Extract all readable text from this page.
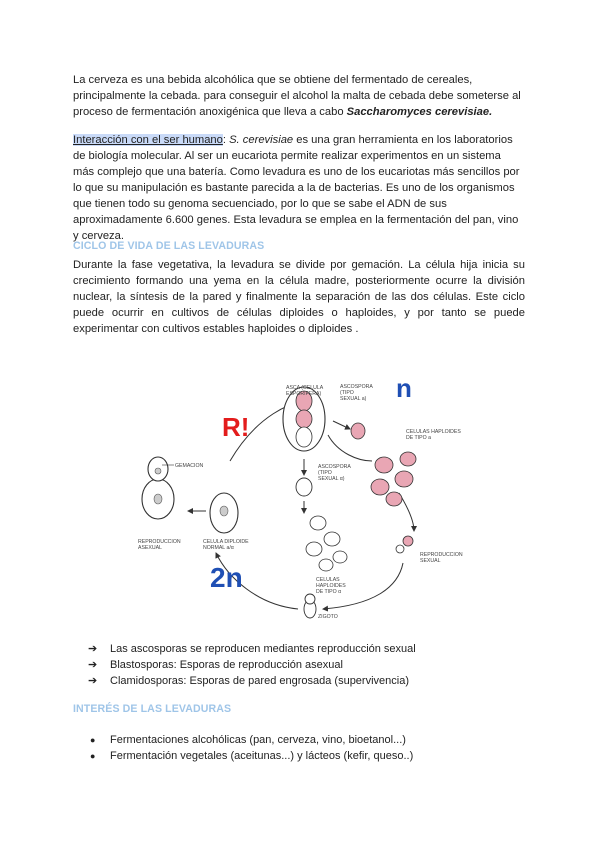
La cerveza es una bebida alcohólica que se obtiene del fermentado de cereales, principalmente la cebada. para conseguir el alcohol la malta de cebada debe someterse al proceso de fermentación anoxigénica que lleva a cabo Saccharomyces cerevisiae.

Interacción con el ser humano: S. cerevisiae es una gran herramienta en los laboratorios de biología molecular. Al ser un eucariota permite realizar experimentos en un sistema más complejo que una batería. Como levadura es uno de los eucariotas más sencillos por lo que su manipulación es bastante parecida a la de bacterias. Es uno de los organismos que tienen todo su genoma secuenciado, por lo que se sabe el ADN de sus aproximadamente 6.600 genes. Esta levadura se emplea en la fermentación del pan, vino y cerveza.

CICLO DE VIDA DE LAS LEVADURAS

Durante la fase vegetativa, la levadura se divide por gemación. La célula hija inicia su crecimiento formando una yema en la célula madre, posteriormente ocurre la división nuclear, la síntesis de la pared y finalmente la separación de las dos células. Este ciclo puede ocurrir en cultivos de células diploides o haploides, y por tanto se puede experimentar con cultivos estables haploides o diploides .

R!
n
2n
ASCA (CELULA
ESPORIFERA)
ASCOSPORA
(TIPO
SEXUAL a)
CELULAS HAPLOIDES
DE TIPO a
ASCOSPORA
(TIPO
SEXUAL α)
CELULAS
HAPLOIDES
DE TIPO α
REPRODUCCION
SEXUAL
ZIGOTO
CELULA DIPLOIDE
NORMAL a/α
GEMACION
REPRODUCCION
ASEXUAL
➔ Las ascosporas se reproducen mediantes reproducción sexual
➔ Blastosporas: Esporas de reproducción asexual
➔ Clamidosporas: Esporas de pared engrosada (supervivencia)
INTERÉS DE LAS LEVADURAS
● Fermentaciones alcohólicas (pan, cerveza, vino, bioetanol...)
● Fermentación vegetales (aceitunas...) y lácteos (kefir, queso..)
